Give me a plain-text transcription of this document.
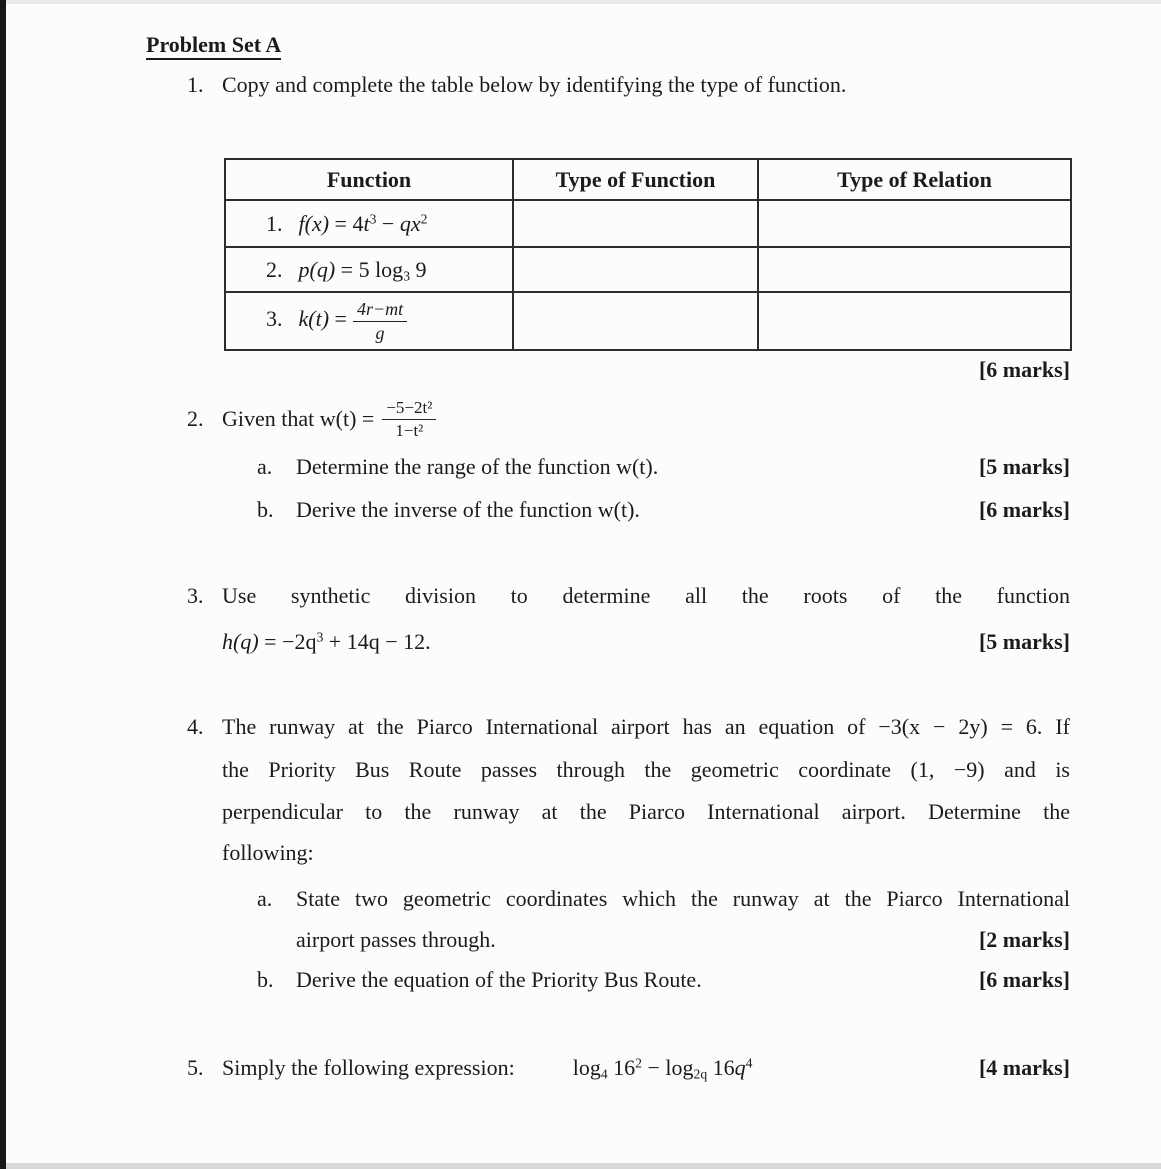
Problem Set A
1. Copy and complete the table below by identifying the type of function.
Function	Type of Function	Type of Relation
1. $f(x) = 4t^3 - qx^2$		
2. p(q) = 5 $\log_3 9$		
3. $k(t) = \frac{4r-mt}{g}$

[6 marks]
2. Given that $w(t) = \frac{\text{−5−2t²}}{\text{1−t²}}$
a.	Determine the range of the function w(t).	[5 marks]
b.	Derive the inverse of the function w(t).	[6 marks]
3. Use synthetic division to determine all the roots of the function
$h(q) = -2q^3 + 14q - 12$.	[5 marks]
4. The runway at the Piarco International airport has an equation of −3(x − 2y) = 6. If
the Priority Bus Route passes through the geometric coordinate (1, −9) and is
perpendicular to the runway at the Piarco International airport. Determine the
following:
a. State two geometric coordinates which the runway at the Piarco International
airport passes through.	[2 marks]
b.	Derive the equation of the Priority Bus Route.	[6 marks]
5. Simply the following expression:	$\log_4 16^2 - \log_{2q} 16q^4$	[4 marks]
